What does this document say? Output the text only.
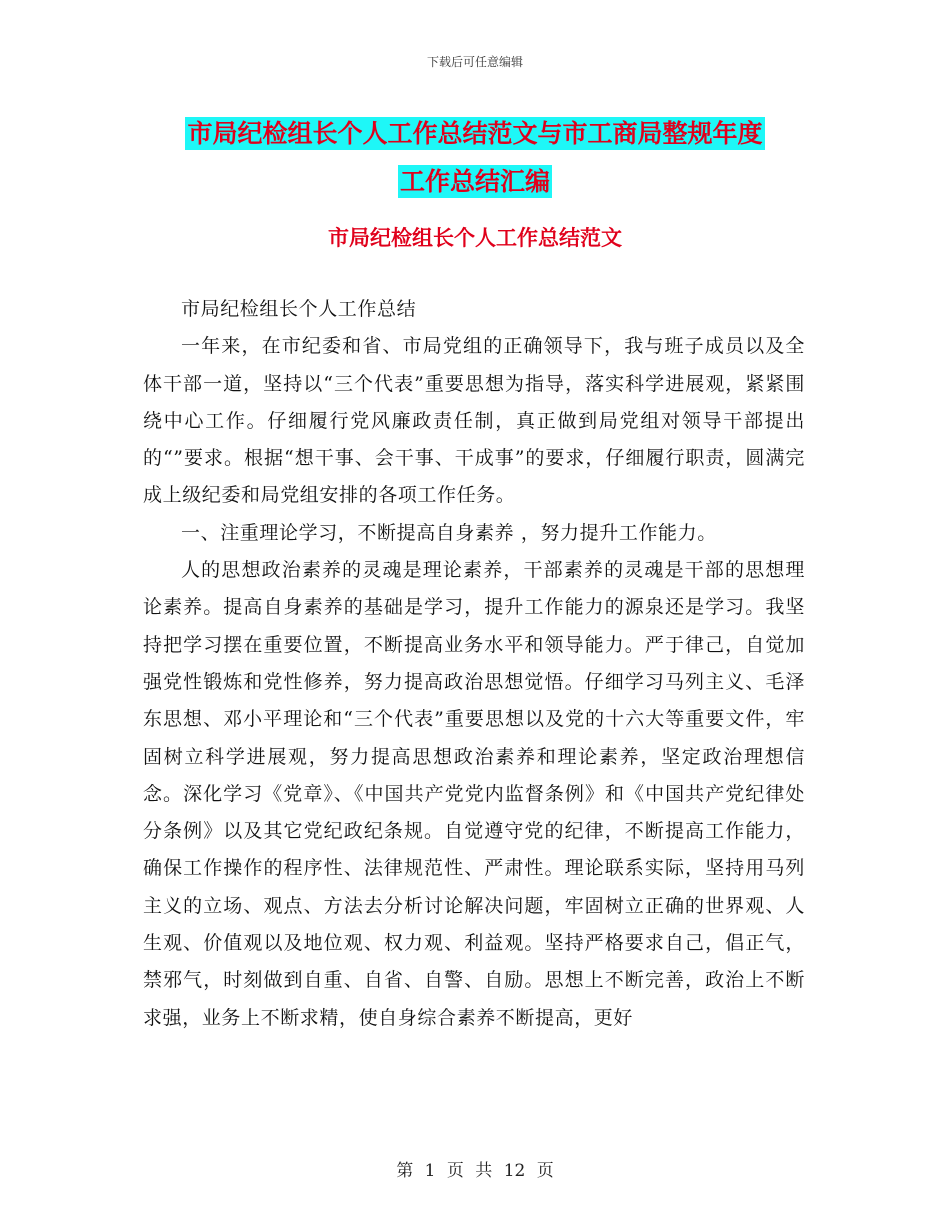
下载后可任意编辑
市局纪检组长个人工作总结范文与市工商局整规年度
工作总结汇编
市局纪检组长个人工作总结范文

市局纪检组长个人工作总结

一年来，在市纪委和省、市局党组的正确领导下，我与班子成员以及全体干部一道，坚持以“三个代表”重要思想为指导，落实科学进展观，紧紧围绕中心工作。仔细履行党风廉政责任制，真正做到局党组对领导干部提出的“”要求。根据“想干事、会干事、干成事”的要求，仔细履行职责，圆满完成上级纪委和局党组安排的各项工作任务。

一、注重理论学习，不断提高自身素养 ，努力提升工作能力。

人的思想政治素养的灵魂是理论素养，干部素养的灵魂是干部的思想理论素养。提高自身素养的基础是学习，提升工作能力的源泉还是学习。我坚持把学习摆在重要位置，不断提高业务水平和领导能力。严于律己，自觉加强党性锻炼和党性修养，努力提高政治思想觉悟。仔细学习马列主义、毛泽东思想、邓小平理论和“三个代表”重要思想以及党的十六大等重要文件，牢固树立科学进展观，努力提高思想政治素养和理论素养，坚定政治理想信念。深化学习《党章》、《中国共产党党内监督条例》和《中国共产党纪律处分条例》以及其它党纪政纪条规。自觉遵守党的纪律，不断提高工作能力，确保工作操作的程序性、法律规范性、严肃性。理论联系实际，坚持用马列主义的立场、观点、方法去分析讨论解决问题，牢固树立正确的世界观、人生观、价值观以及地位观、权力观、利益观。坚持严格要求自己，倡正气，禁邪气，时刻做到自重、自省、自警、自励。思想上不断完善，政治上不断求强，业务上不断求精，使自身综合素养不断提高，更好

第 1 页 共 12 页
